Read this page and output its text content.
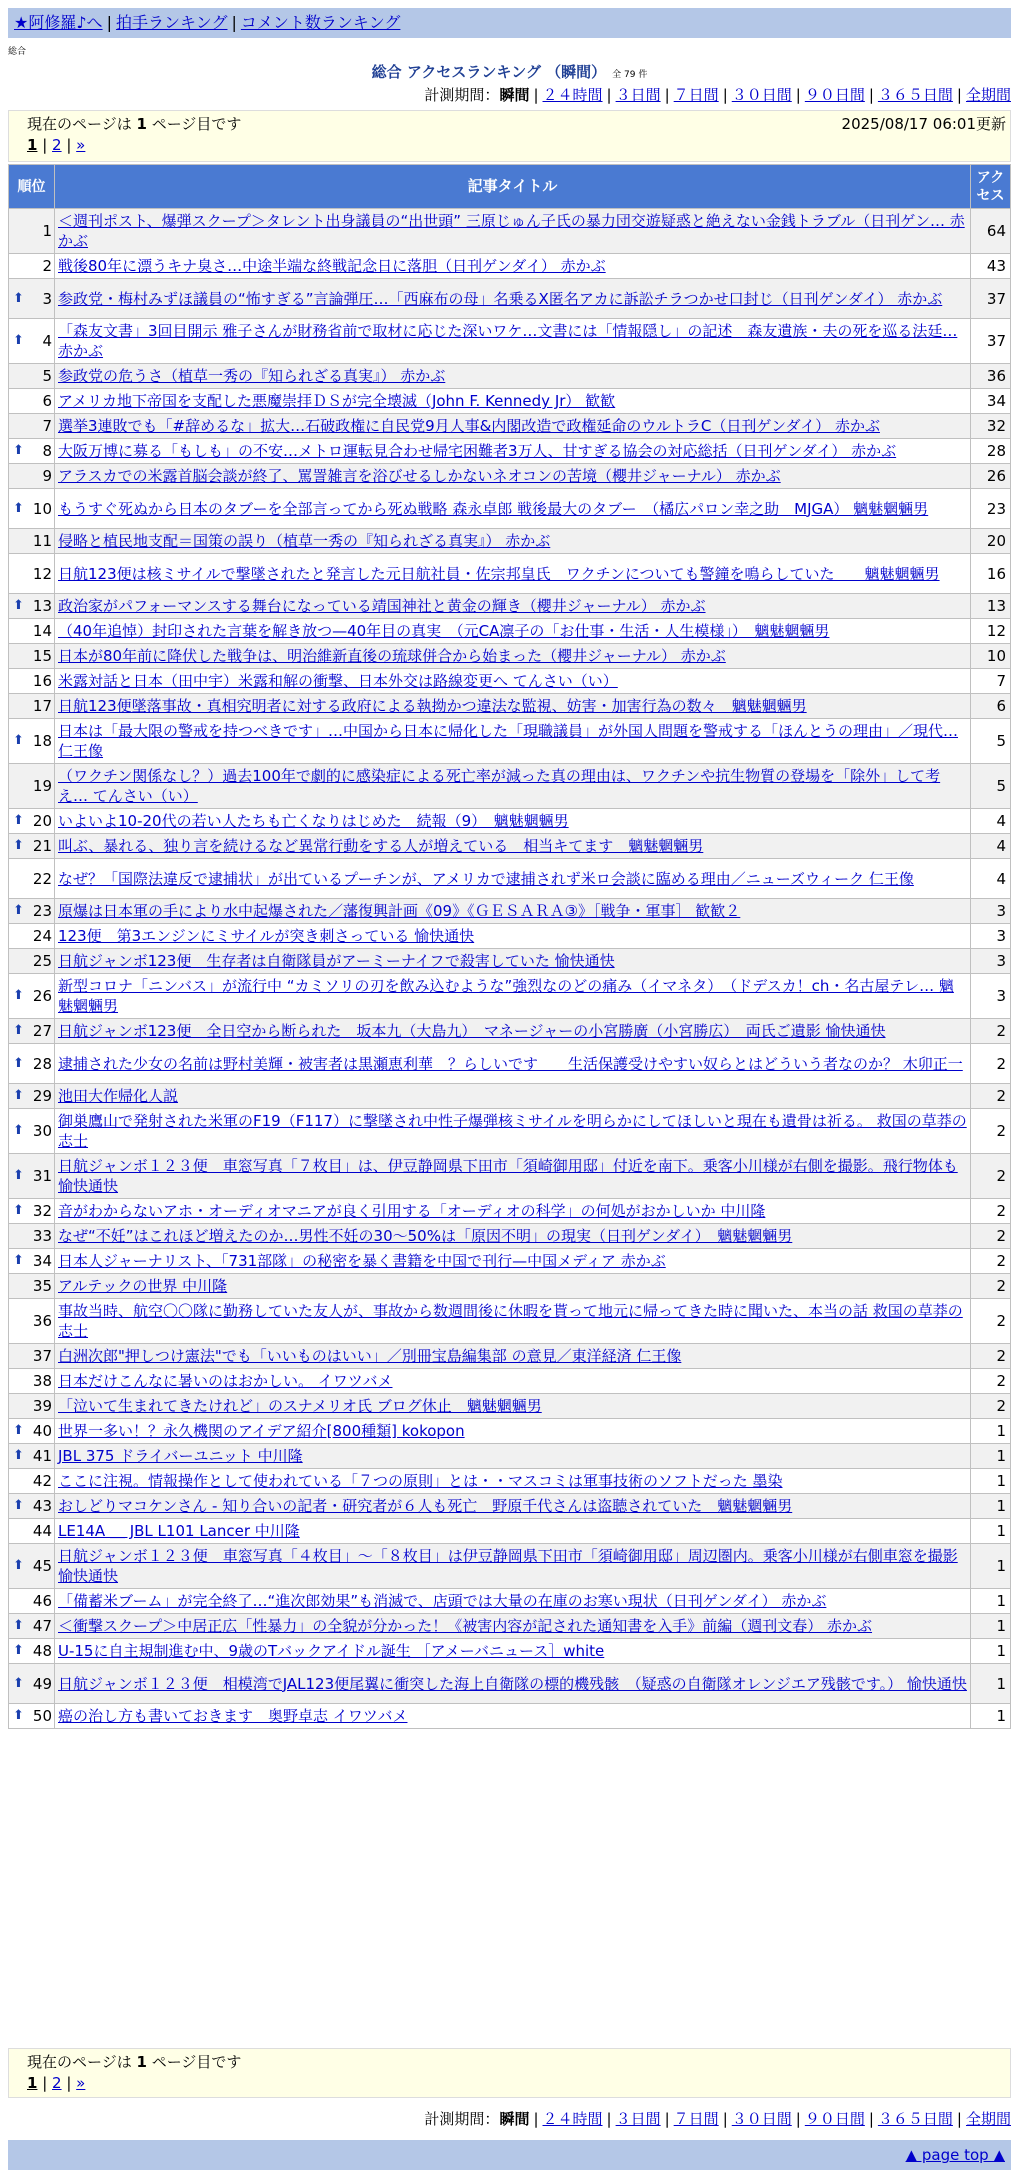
★阿修羅♪へ | 拍手ランキング | コメント数ランキング
総合
総合 アクセスランキング （瞬間） 全 79 件
計測期間：瞬間 | ２４時間 | ３日間 | ７日間 | ３０日間 | ９０日間 | ３６５日間 | 全期間
現在のページは 1 ページ目です	2025/08/17 06:01更新
1 | 2 | »
順位	記事タイトル	アクセス
1	＜週刊ポスト、爆弾スクープ＞タレント出身議員の“出世頭” 三原じゅん子氏の暴力団交遊疑惑と絶えない金銭トラブル（日刊ゲン… 赤かぶ	64
2	戦後80年に漂うキナ臭さ…中途半端な終戦記念日に落胆（日刊ゲンダイ） 赤かぶ	43

⬆ 3	参政党・梅村みずほ議員の“怖すぎる”言論弾圧…「西麻布の母」名乗るX匿名アカに訴訟チラつかせ口封じ（日刊ゲンダイ） 赤かぶ	37

⬆ 4	「森友文書」3回目開示 雅子さんが財務省前で取材に応じた深いワケ…文書には「情報隠し」の記述　森友遺族・夫の死を巡る法廷… 赤かぶ	37
5	参政党の危うさ（植草一秀の『知られざる真実』） 赤かぶ	36
6	アメリカ地下帝国を支配した悪魔崇拝ＤＳが完全壊滅（John F. Kennedy Jr） 歓歓	34
7	選挙3連敗でも「#辞めるな」拡大…石破政権に自民党9月人事&内閣改造で政権延命のウルトラC（日刊ゲンダイ） 赤かぶ	32

⬆ 8	大阪万博に募る「もしも」の不安…メトロ運転見合わせ帰宅困難者3万人、甘すぎる協会の対応総括（日刊ゲンダイ） 赤かぶ	28
9	アラスカでの米露首脳会談が終了、罵詈雑言を浴びせるしかないネオコンの苦境（櫻井ジャーナル） 赤かぶ	26

⬆ 10	もうすぐ死ぬから日本のタブーを全部言ってから死ぬ戦略 森永卓郎 戦後最大のタブー　（橘広パロン幸之助　MJGA） 魑魅魍魎男	23
11	侵略と植民地支配＝国策の誤り（植草一秀の『知られざる真実』） 赤かぶ	20
12	日航123便は核ミサイルで撃墜されたと発言した元日航社員・佐宗邦皇氏　ワクチンについても警鐘を鳴らしていた　　魑魅魍魎男	16

⬆ 13	政治家がパフォーマンスする舞台になっている靖国神社と黄金の輝き（櫻井ジャーナル） 赤かぶ	13
14	（40年追悼）封印された言葉を解き放つ—40年目の真実　（元CA凛子の「お仕事・生活・人生模様」）　魑魅魍魎男	12
15	日本が80年前に降伏した戦争は、明治維新直後の琉球併合から始まった（櫻井ジャーナル） 赤かぶ	10
16	米露対話と日本（田中宇）米露和解の衝撃、日本外交は路線変更へ てんさい（い）	7
17	日航123便墜落事故・真相究明者に対する政府による執拗かつ違法な監視、妨害・加害行為の数々　魑魅魍魎男	6

⬆ 18	日本は「最大限の警戒を持つべきです」…中国から日本に帰化した「現職議員」が外国人問題を警戒する「ほんとうの理由」／現代… 仁王像	5
19	（ワクチン関係なし？）過去100年で劇的に感染症による死亡率が減った真の理由は、ワクチンや抗生物質の登場を「除外」して考え… てんさい（い）	5

⬆ 20	いよいよ10-20代の若い人たちも亡くなりはじめた　続報（9）　魑魅魍魎男	4

⬆ 21	叫ぶ、暴れる、独り言を続けるなど異常行動をする人が増えている　相当キてます　魑魅魍魎男	4
22	なぜ？「国際法違反で逮捕状」が出ているプーチンが、アメリカで逮捕されず米ロ会談に臨める理由／ニューズウィーク 仁王像	4

⬆ 23	原爆は日本軍の手により水中起爆された／藩復興計画《09》《ＧＥＳＡＲＡ③》［戦争・軍事］ 歓歓２	3
24	123便　第3エンジンにミサイルが突き刺さっている 愉快通快	3
25	日航ジャンボ123便　生存者は自衛隊員がアーミーナイフで殺害していた 愉快通快	3

⬆ 26	新型コロナ「ニンバス」が流行中 “カミソリの刃を飲み込むような”強烈なのどの痛み（イマネタ）　（ドデスカ！ch・名古屋テレ… 魑魅魍魎男	3

⬆ 27	日航ジャンボ123便　全日空から断られた　坂本九（大島九）　マネージャーの小宮勝廣（小宮勝広）　両氏ご遺影 愉快通快	2

⬆ 28	逮捕された少女の名前は野村美輝・被害者は黒瀬恵利華　？らしいです　　生活保護受けやすい奴らとはどういう者なのか？ 木卯正一	2

⬆ 29	池田大作帰化人説	2

⬆ 30	御巣鷹山で発射された米軍のF19（F117）に撃墜され中性子爆弾核ミサイルを明らかにしてほしいと現在も遺骨は祈る。 救国の草莽の志士	2

⬆ 31	日航ジャンボ１２３便　車窓写真「７枚目」は、伊豆静岡県下田市「須崎御用邸」付近を南下。乗客小川様が右側を撮影。飛行物体も 愉快通快	2

⬆ 32	音がわからないアホ・オーディオマニアが良く引用する「オーディオの科学」の何処がおかしいか 中川隆	2
33	なぜ“不妊”はこれほど増えたのか…男性不妊の30～50%は「原因不明」の現実（日刊ゲンダイ）　魑魅魍魎男	2

⬆ 34	日本人ジャーナリスト、「731部隊」の秘密を暴く書籍を中国で刊行—中国メディア 赤かぶ	2
35	アルテックの世界 中川隆	2
36	事故当時、航空〇〇隊に勤務していた友人が、事故から数週間後に休暇を貰って地元に帰ってきた時に聞いた、本当の話 救国の草莽の志士	2
37	白洲次郎"押しつけ憲法"でも「いいものはいい」／別冊宝島編集部 の意見／東洋経済 仁王像	2
38	日本だけこんなに暑いのはおかしい。 イワツバメ	2
39	「泣いて生まれてきたけれど」のスナメリオ氏 ブログ休止　魑魅魍魎男	2

⬆ 40	世界一多い！？永久機関のアイデア紹介[800種類] kokopon	1

⬆ 41	JBL 375 ドライバーユニット 中川隆	1
42	ここに注視。情報操作として使われている「７つの原則」とは・・マスコミは軍事技術のソフトだった 墨染	1

⬆ 43	おしどりマコケンさん - 知り合いの記者・研究者が６人も死亡　野原千代さんは盗聴されていた　魑魅魍魎男	1
44	LE14A ＿ JBL L101 Lancer 中川隆	1

⬆ 45	日航ジャンボ１２３便　車窓写真「４枚目」～「８枚目」は伊豆静岡県下田市「須崎御用邸」周辺圏内。乗客小川様が右側車窓を撮影 愉快通快	1
46	「備蓄米ブーム」が完全終了…“進次郎効果”も消滅で、店頭では大量の在庫のお寒い現状（日刊ゲンダイ） 赤かぶ	1

⬆ 47	＜衝撃スクープ＞中居正広「性暴力」の全貌が分かった！《被害内容が記された通知書を入手》前編（週刊文春） 赤かぶ	1

⬆ 48	U-15に自主規制進む中、9歳のTバックアイドル誕生 ［アメーバニュース］white	1

⬆ 49	日航ジャンボ１２３便　相模湾でJAL123便尾翼に衝突した海上自衛隊の標的機残骸　（疑惑の自衛隊オレンジエア残骸です。） 愉快通快	1

⬆ 50	癌の治し方も書いておきます　奥野卓志 イワツバメ	1
現在のページは 1 ページ目です
1 | 2 | »
計測期間：瞬間 | ２４時間 | ３日間 | ７日間 | ３０日間 | ９０日間 | ３６５日間 | 全期間
▲ page top ▲
